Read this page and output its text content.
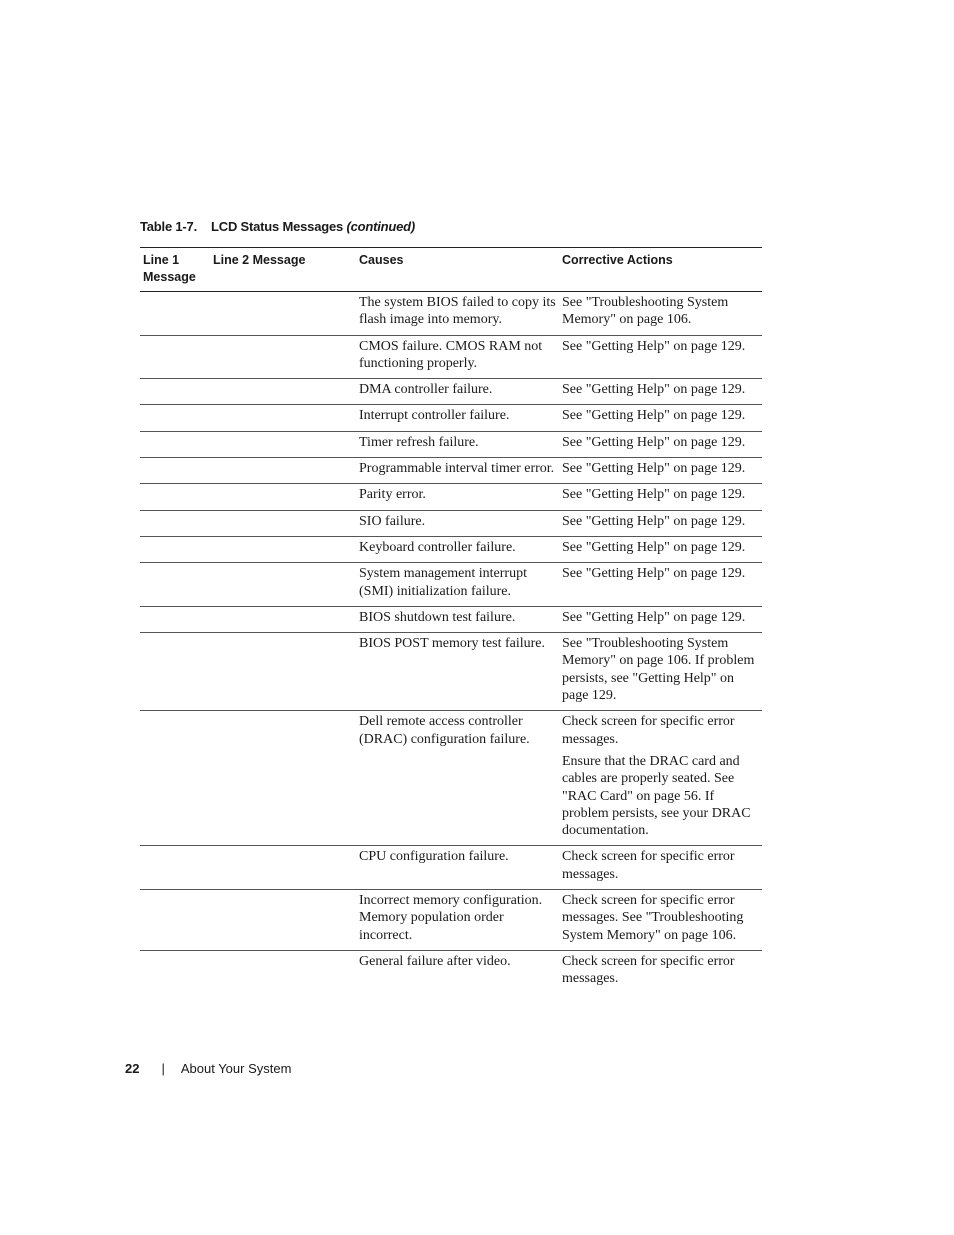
Table 1-7. LCD Status Messages (continued)
Line 1 Message	Line 2 Message	Causes	Corrective Actions
		The system BIOS failed to copy its flash image into memory.	See "Troubleshooting System Memory" on page 106.

		CMOS failure. CMOS RAM not functioning properly.	See "Getting Help" on page 129.

		DMA controller failure.	See "Getting Help" on page 129.

		Interrupt controller failure.	See "Getting Help" on page 129.

		Timer refresh failure.	See "Getting Help" on page 129.

		Programmable interval timer error.	See "Getting Help" on page 129.

		Parity error.	See "Getting Help" on page 129.

		SIO failure.	See "Getting Help" on page 129.

		Keyboard controller failure.	See "Getting Help" on page 129.

		System management interrupt (SMI) initialization failure.	See "Getting Help" on page 129.

		BIOS shutdown test failure.	See "Getting Help" on page 129.

		BIOS POST memory test failure.	See "Troubleshooting System Memory" on page 106. If problem persists, see "Getting Help" on page 129.

		Dell remote access controller (DRAC) configuration failure.	Check screen for specific error messages.
Ensure that the DRAC card and cables are properly seated. See "RAC Card" on page 56. If problem persists, see your DRAC documentation.

		CPU configuration failure.	Check screen for specific error messages.

		Incorrect memory configuration. Memory population order incorrect.	Check screen for specific error messages. See "Troubleshooting System Memory" on page 106.

		General failure after video.	Check screen for specific error messages.
22 | About Your System
